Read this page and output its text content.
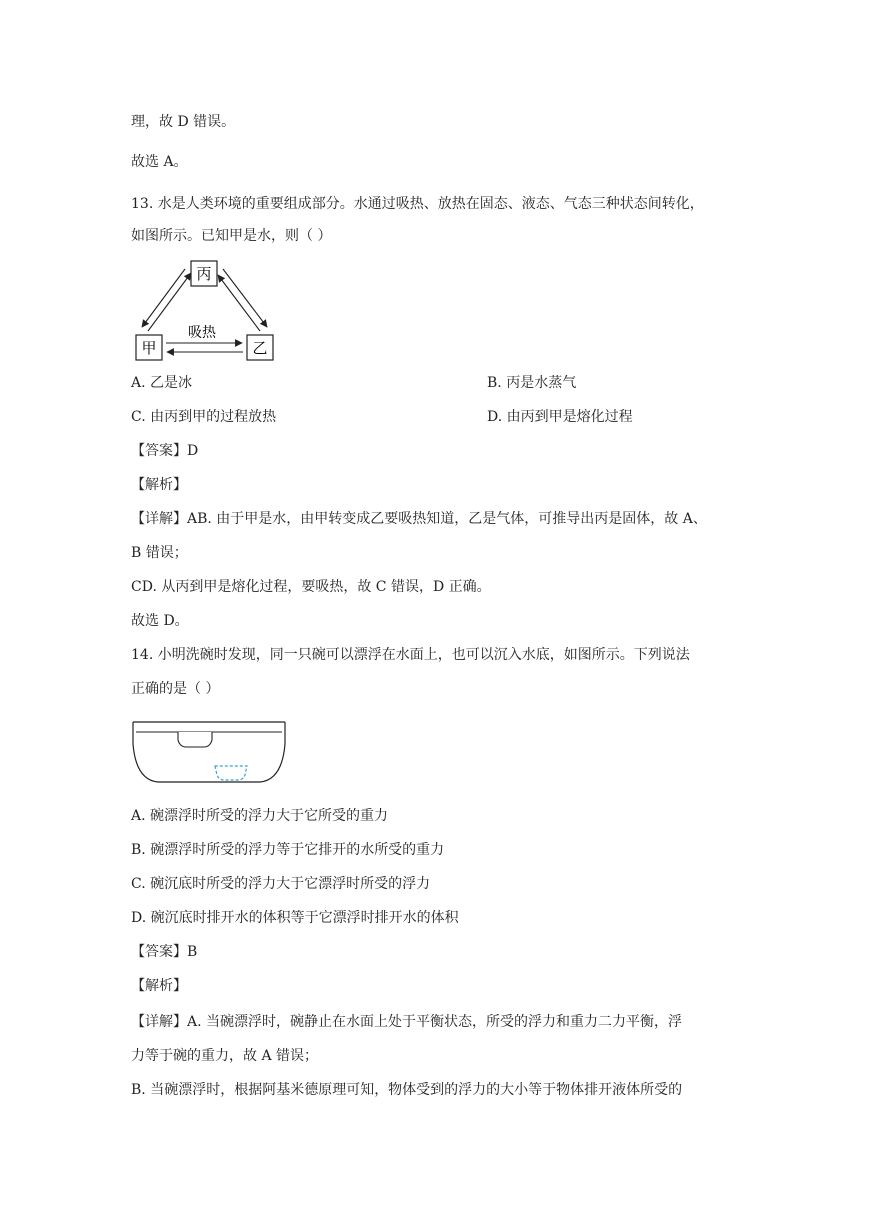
理，故 D 错误。
故选 A。
13. 水是人类环境的重要组成部分。水通过吸热、放热在固态、液态、气态三种状态间转化，
如图所示。已知甲是水，则（ ）
丙
甲	乙
吸热
A. 乙是冰	B. 丙是水蒸气
C. 由丙到甲的过程放热	D. 由丙到甲是熔化过程
【答案】D
【解析】
【详解】AB. 由于甲是水，由甲转变成乙要吸热知道，乙是气体，可推导出丙是固体，故 A、
B 错误；
CD. 从丙到甲是熔化过程，要吸热，故 C 错误，D 正确。
故选 D。
14. 小明洗碗时发现，同一只碗可以漂浮在水面上，也可以沉入水底，如图所示。下列说法
正确的是（ ）
A. 碗漂浮时所受的浮力大于它所受的重力
B. 碗漂浮时所受的浮力等于它排开的水所受的重力
C. 碗沉底时所受的浮力大于它漂浮时所受的浮力
D. 碗沉底时排开水的体积等于它漂浮时排开水的体积
【答案】B
【解析】
【详解】A. 当碗漂浮时，碗静止在水面上处于平衡状态，所受的浮力和重力二力平衡，浮
力等于碗的重力，故 A 错误；
B. 当碗漂浮时，根据阿基米德原理可知，物体受到的浮力的大小等于物体排开液体所受的
